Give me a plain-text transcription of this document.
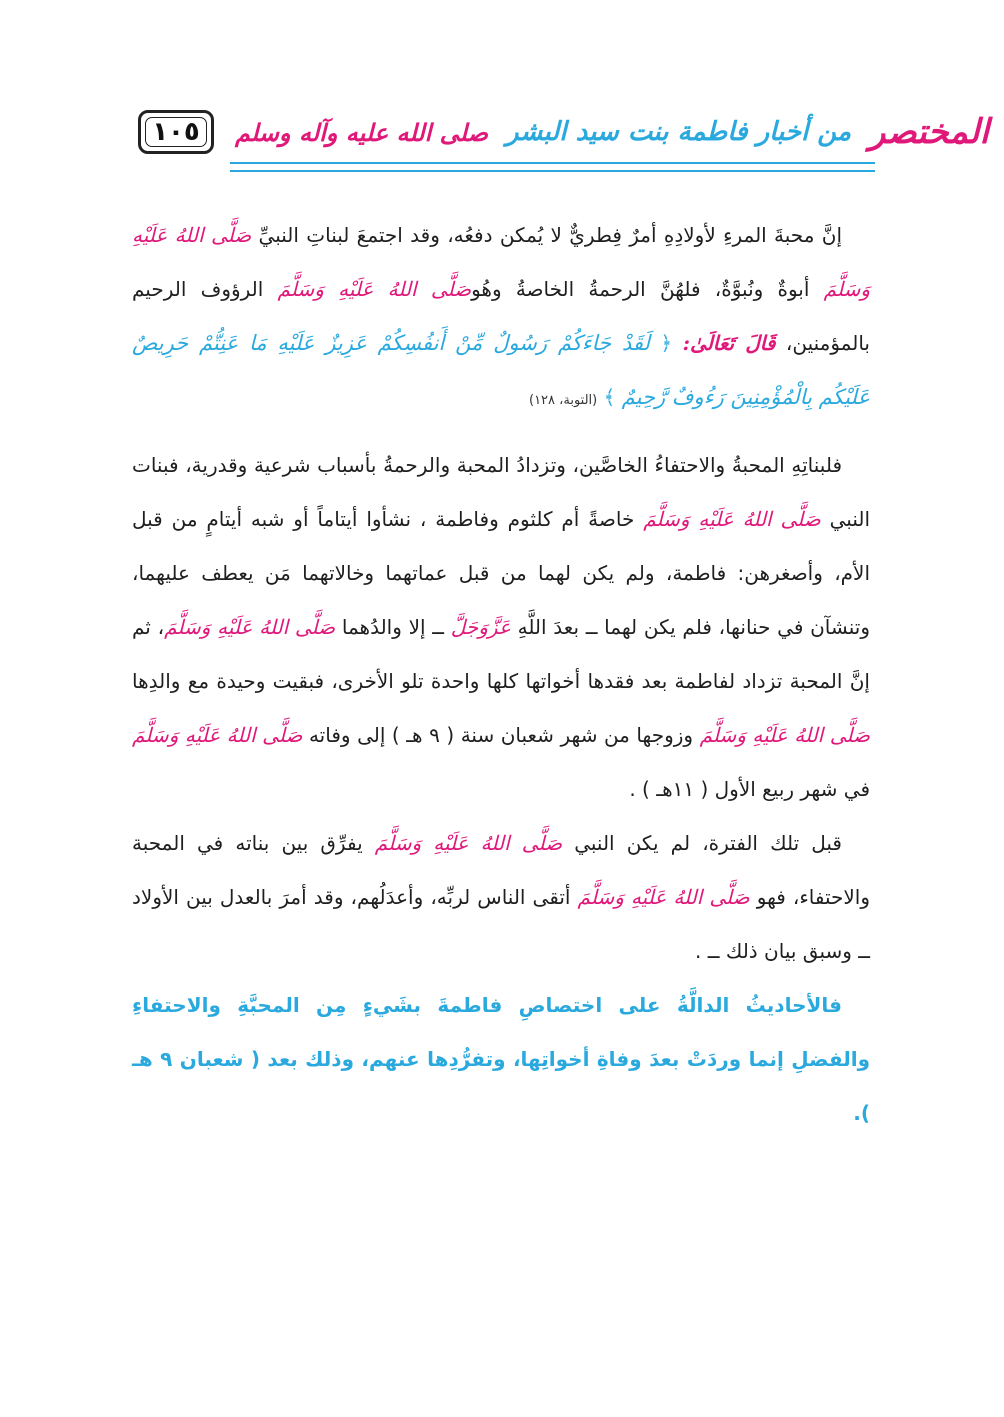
١٠٥	المختصر
من أخبار فاطمة بنت سيد البشر
صلى الله عليه وآله وسلم

إنَّ محبةَ المرءِ لأولادِهِ أمرٌ فِطريٌّ لا يُمكن دفعُه، وقد اجتمعَ لبناتِ النبيِّ صَلَّى اللهُ عَلَيْهِ وَسَلَّمَ أبوةٌ ونُبوَّةٌ، فلهُنَّ الرحمةُ الخاصةُ وهُوصَلَّى اللهُ عَلَيْهِ وَسَلَّمَ الرؤوف الرحيم بالمؤمنين، قَالَ تَعَالَىٰ: ﴿ لَقَدْ جَاءَكُمْ رَسُولٌ مِّنْ أَنفُسِكُمْ عَزِيزٌ عَلَيْهِ مَا عَنِتُّمْ حَرِيصٌ عَلَيْكُم بِالْمُؤْمِنِينَ رَءُوفٌ رَّحِيمٌ ﴾ (التوبة، ١٢٨)

فلبناتِهِ المحبةُ والاحتفاءُ الخاصَّين، وتزدادُ المحبة والرحمةُ بأسباب شرعية وقدرية، فبنات النبي صَلَّى اللهُ عَلَيْهِ وَسَلَّمَ خاصةً أم كلثوم وفاطمة ، نشأوا أيتاماً أو شبه أيتامٍ من قبل الأم، وأصغرهن: فاطمة، ولم يكن لهما من قبل عماتهما وخالاتهما مَن يعطف عليهما، وتنشآن في حنانها، فلم يكن لهما ــ بعدَ اللَّهِ عَزَّوَجَلَّ ــ إلا والدُهما صَلَّى اللهُ عَلَيْهِ وَسَلَّمَ، ثم إنَّ المحبة تزداد لفاطمة بعد فقدها أخواتها كلها واحدة تلو الأخرى، فبقيت وحيدة مع والدِها صَلَّى اللهُ عَلَيْهِ وَسَلَّمَ وزوجها من شهر شعبان سنة ( ٩ هـ ) إلى وفاته صَلَّى اللهُ عَلَيْهِ وَسَلَّمَ في شهر ربيع الأول ( ١١هـ ) .

قبل تلك الفترة، لم يكن النبي صَلَّى اللهُ عَلَيْهِ وَسَلَّمَ يفرِّق بين بناته في المحبة والاحتفاء، فهو صَلَّى اللهُ عَلَيْهِ وَسَلَّمَ أتقى الناس لربِّه، وأعدَلُهم، وقد أمرَ بالعدل بين الأولاد ــ وسبق بيان ذلك ــ .

فالأحاديثُ الدالَّةُ على اختصاصِ فاطمةَ بشَيءٍ مِن المحبَّةِ والاحتفاءِ والفضلِ إنما وردَتْ بعدَ وفاةِ أخواتِها، وتفرُّدِها عنهم، وذلك بعد ( شعبان ٩ هـ ).
